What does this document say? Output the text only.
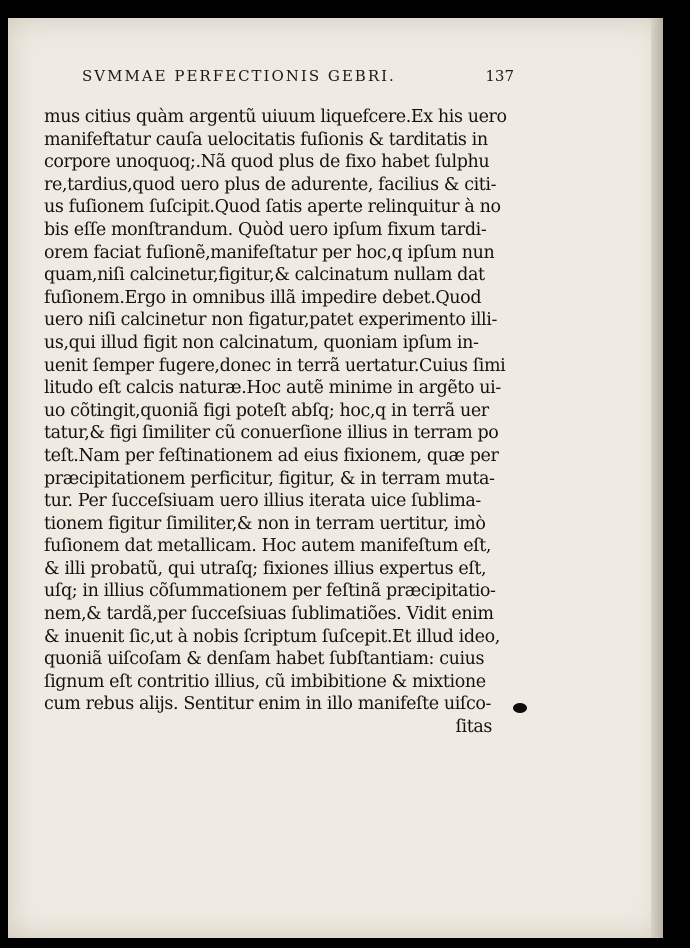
SVMMAE PERFECTIONIS GEBRI.	137
mus citius quàm argentũ uiuum liquefcere.Ex his uero
manifeftatur cauſa uelocitatis fuſionis & tarditatis in
corpore unoquoq;.Nã quod plus de fixo habet ſulphu
re,tardius,quod uero plus de adurente, facilius & citi-
us fuſionem ſuſcipit.Quod ſatis aperte relinquitur à no
bis eſſe monſtrandum. Quòd uero ipſum fixum tardi-
orem faciat fuſionẽ,manifeſtatur per hoc,q ipſum nun
quam,niſi calcinetur,figitur,& calcinatum nullam dat
fuſionem.Ergo in omnibus illã impedire debet.Quod
uero niſi calcinetur non figatur,patet experimento illi-
us,qui illud figit non calcinatum, quoniam ipſum in-
uenit ſemper fugere,donec in terrã uertatur.Cuius ſimi
litudo eſt calcis naturæ.Hoc autẽ minime in argẽto ui-
uo cõtingit,quoniã figi poteſt abſq; hoc,q in terrã uer
tatur,& figi ſimiliter cũ conuerſione illius in terram po
teſt.Nam per feſtinationem ad eius fixionem, quæ per
præcipitationem perficitur, figitur, & in terram muta-
tur. Per ſucceſsiuam uero illius iterata uice ſublima-
tionem figitur ſimiliter,& non in terram uertitur, imò
fuſionem dat metallicam. Hoc autem manifeſtum eſt,
& illi probatũ, qui utraſq; fixiones illius expertus eſt,
uſq; in illius cõſummationem per feſtinã præcipitatio-
nem,& tardã,per ſucceſsiuas ſublimatiões. Vidit enim
& inuenit ſic,ut à nobis ſcriptum ſuſcepit.Et illud ideo,
quoniã uiſcoſam & denſam habet ſubſtantiam: cuius
ſignum eſt contritio illius, cũ imbibitione & mixtione
cum rebus alijs. Sentitur enim in illo manifeſte uiſco-
ſitas
